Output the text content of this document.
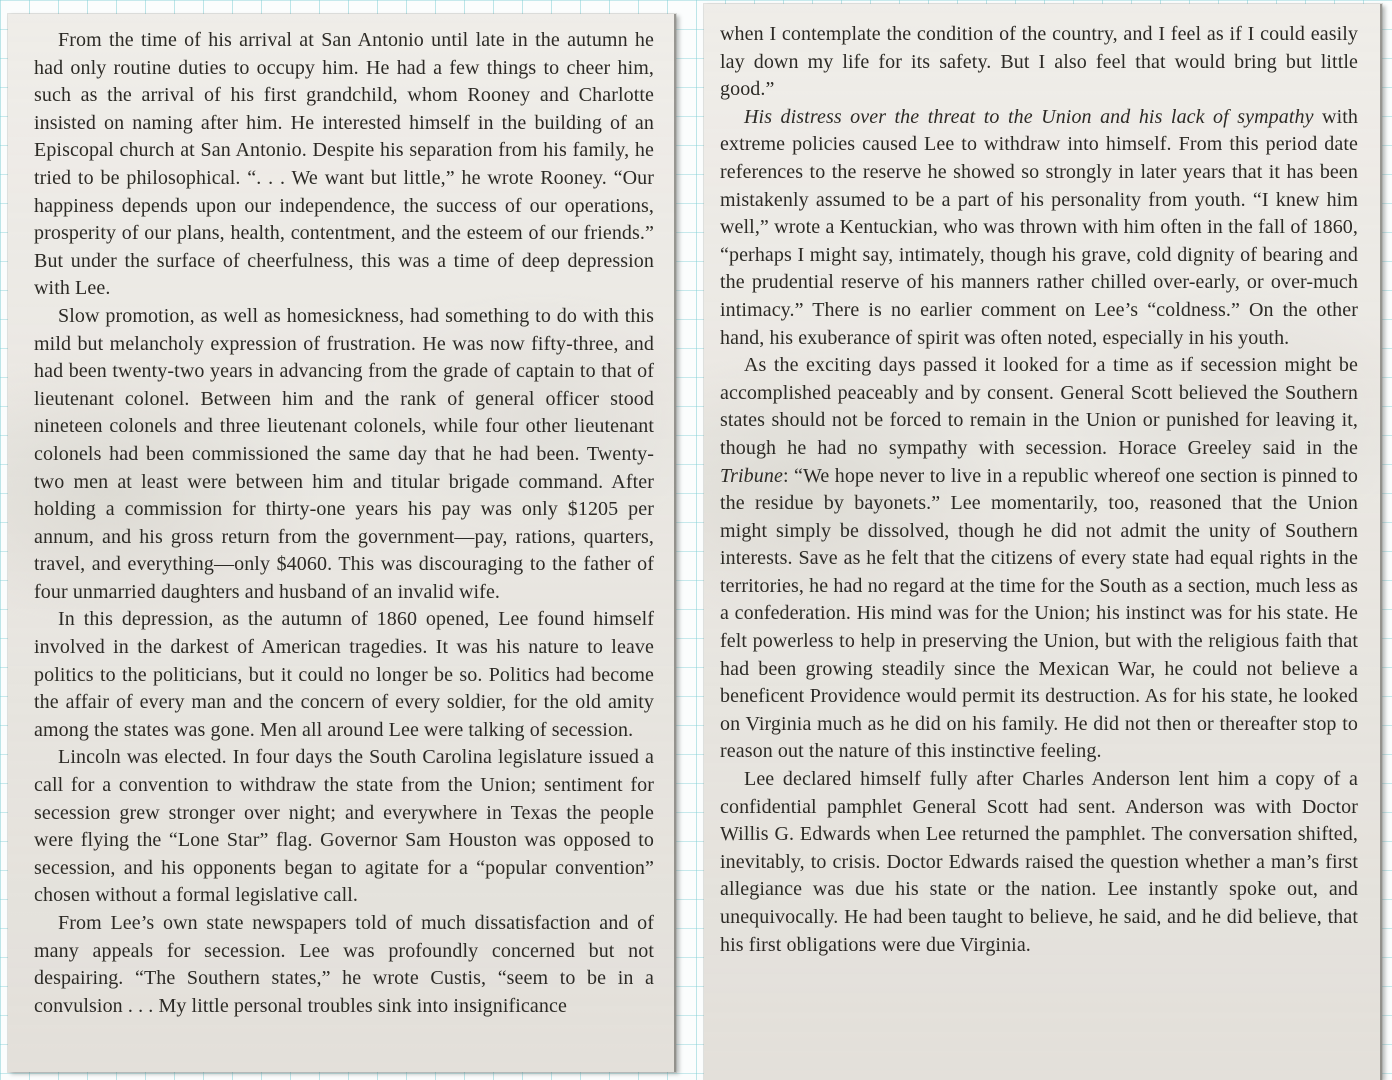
From the time of his arrival at San Antonio until late in the autumn he had only routine duties to occupy him. He had a few things to cheer him, such as the arrival of his first grandchild, whom Rooney and Charlotte insisted on naming after him. He interested himself in the building of an Episcopal church at San Antonio. Despite his separation from his family, he tried to be philosophical. “. . . We want but little,” he wrote Rooney. “Our happiness depends upon our independence, the success of our operations, prosperity of our plans, health, contentment, and the esteem of our friends.” But under the surface of cheerfulness, this was a time of deep depression with Lee.

Slow promotion, as well as homesickness, had something to do with this mild but melancholy expression of frustration. He was now fifty-three, and had been twenty-two years in advancing from the grade of captain to that of lieutenant colonel. Between him and the rank of general officer stood nineteen colonels and three lieutenant colonels, while four other lieutenant colonels had been commissioned the same day that he had been. Twenty-two men at least were between him and titular brigade command. After holding a commission for thirty-one years his pay was only $1205 per annum, and his gross return from the government—pay, rations, quarters, travel, and everything—only $4060. This was discouraging to the father of four unmarried daughters and husband of an invalid wife.

In this depression, as the autumn of 1860 opened, Lee found himself involved in the darkest of American tragedies. It was his nature to leave politics to the politicians, but it could no longer be so. Politics had become the affair of every man and the concern of every soldier, for the old amity among the states was gone. Men all around Lee were talking of secession.

Lincoln was elected. In four days the South Carolina legislature issued a call for a convention to withdraw the state from the Union; sentiment for secession grew stronger over night; and everywhere in Texas the people were flying the “Lone Star” flag. Governor Sam Houston was opposed to secession, and his opponents began to agitate for a “popular convention” chosen without a formal legislative call.

From Lee’s own state newspapers told of much dissatisfaction and of many appeals for secession. Lee was profoundly concerned but not despairing. “The Southern states,” he wrote Custis, “seem to be in a convulsion . . . My little personal troubles sink into insignificance

when I contemplate the condition of the country, and I feel as if I could easily lay down my life for its safety. But I also feel that would bring but little good.”

His distress over the threat to the Union and his lack of sympathy with extreme policies caused Lee to withdraw into himself. From this period date references to the reserve he showed so strongly in later years that it has been mistakenly assumed to be a part of his personality from youth. “I knew him well,” wrote a Kentuckian, who was thrown with him often in the fall of 1860, “perhaps I might say, intimately, though his grave, cold dignity of bearing and the prudential reserve of his manners rather chilled over-early, or over-much intimacy.” There is no earlier comment on Lee’s “coldness.” On the other hand, his exuberance of spirit was often noted, especially in his youth.

As the exciting days passed it looked for a time as if secession might be accomplished peaceably and by consent. General Scott believed the Southern states should not be forced to remain in the Union or punished for leaving it, though he had no sympathy with secession. Horace Greeley said in the Tribune: “We hope never to live in a republic whereof one section is pinned to the residue by bayonets.” Lee momentarily, too, reasoned that the Union might simply be dissolved, though he did not admit the unity of Southern interests. Save as he felt that the citizens of every state had equal rights in the territories, he had no regard at the time for the South as a section, much less as a confederation. His mind was for the Union; his instinct was for his state. He felt powerless to help in preserving the Union, but with the religious faith that had been growing steadily since the Mexican War, he could not believe a beneficent Providence would permit its destruction. As for his state, he looked on Virginia much as he did on his family. He did not then or thereafter stop to reason out the nature of this instinctive feeling.

Lee declared himself fully after Charles Anderson lent him a copy of a confidential pamphlet General Scott had sent. Anderson was with Doctor Willis G. Edwards when Lee returned the pamphlet. The conversation shifted, inevitably, to crisis. Doctor Edwards raised the question whether a man’s first allegiance was due his state or the nation. Lee instantly spoke out, and unequivocally. He had been taught to believe, he said, and he did believe, that his first obligations were due Virginia.
